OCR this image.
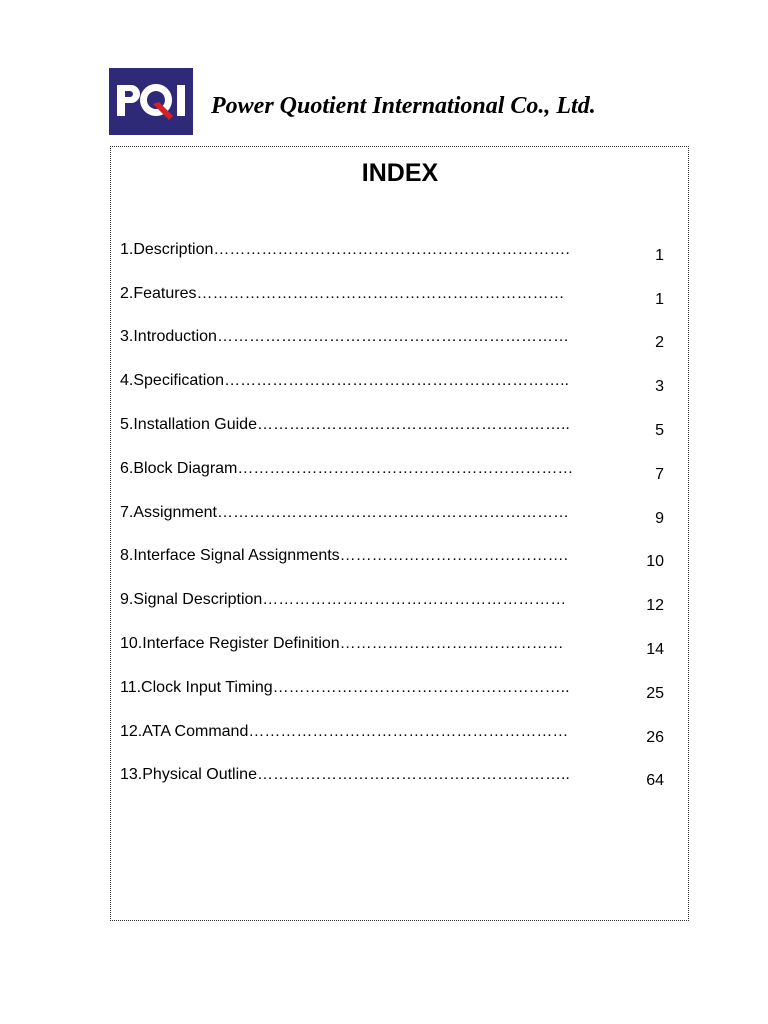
Power Quotient International Co., Ltd.
INDEX
1.Description………………………………………………………….	1
2.Features……………………………………………………………	1
3.Introduction…………………………………………………………	2
4.Specification………………………………………………………..	3
5.Installation Guide…………………………………………………..	5
6.Block Diagram………………………………………………………	7
7.Assignment…………………………………………………………	9
8.Interface Signal Assignments…………………………………….	10
9.Signal Description…………………………………………………	12
10.Interface Register Definition……………………………………	14
11.Clock Input Timing………………………………………………..	25
12.ATA Command……………………………………………………	26
13.Physical Outline…………………………………………………..	64
